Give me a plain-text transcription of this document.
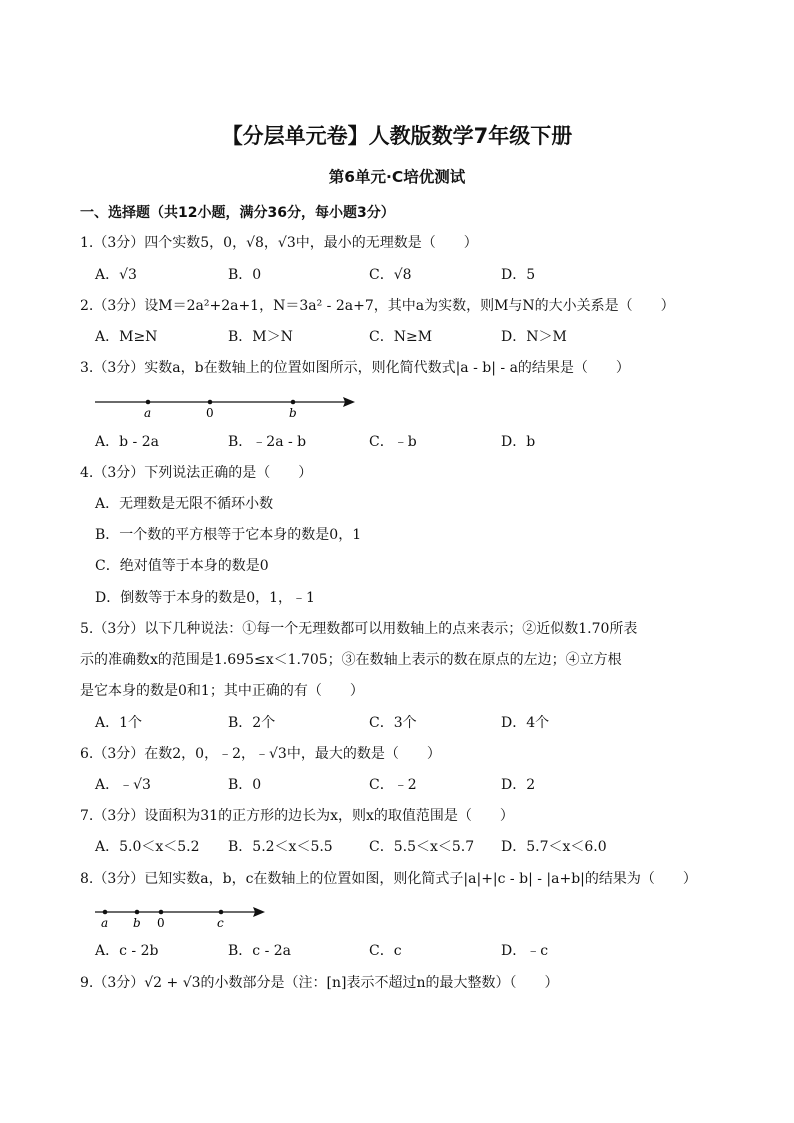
【分层单元卷】人教版数学7年级下册
第6单元·C培优测试
一、选择题（共12小题，满分36分，每小题3分）
1.（3分）四个实数5，0，√8，√3中，最小的无理数是（　　）
A．√3	B．0	C．√8	D．5
2.（3分）设M＝2a²+2a+1，N＝3a² - 2a+7，其中a为实数，则M与N的大小关系是（　　）
A．M≥N	B．M＞N	C．N≥M	D．N＞M
3.（3分）实数a，b在数轴上的位置如图所示，则化简代数式|a - b| - a的结果是（　　）
a	0	b
A．b - 2a	B．﹣2a - b	C．﹣b	D．b
4.（3分）下列说法正确的是（　　）
A．无理数是无限不循环小数
B．一个数的平方根等于它本身的数是0，1
C．绝对值等于本身的数是0
D．倒数等于本身的数是0，1，﹣1
5.（3分）以下几种说法：①每一个无理数都可以用数轴上的点来表示；②近似数1.70所表
示的准确数x的范围是1.695≤x＜1.705；③在数轴上表示的数在原点的左边；④立方根
是它本身的数是0和1；其中正确的有（　　）
A．1个	B．2个	C．3个	D．4个
6.（3分）在数2，0，﹣2，﹣√3中，最大的数是（　　）
A．﹣√3	B．0	C．﹣2	D．2
7.（3分）设面积为31的正方形的边长为x，则x的取值范围是（　　）
A．5.0＜x＜5.2 B．5.2＜x＜5.5	C．5.5＜x＜5.7 D．5.7＜x＜6.0
8.（3分）已知实数a，b，c在数轴上的位置如图，则化简式子|a|+|c - b| - |a+b|的结果为（　　）
a b 0	c
A．c - 2b	B．c - 2a	C．c	D．﹣c
9.（3分）√2 + √3的小数部分是（注：[n]表示不超过n的最大整数）（　　）
